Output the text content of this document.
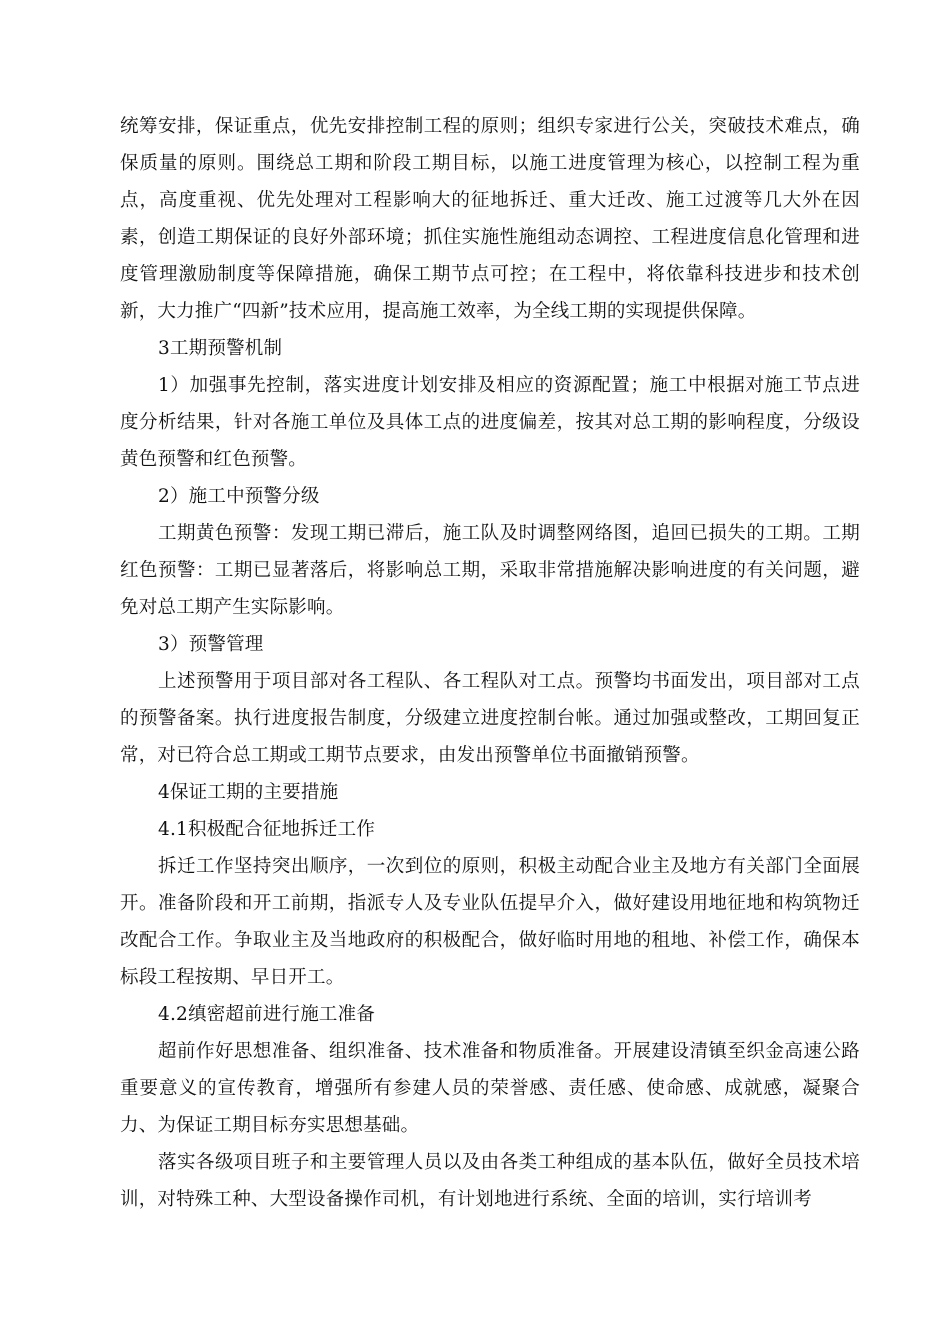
统筹安排，保证重点，优先安排控制工程的原则；组织专家进行公关，突破技术难点，确保质量的原则。围绕总工期和阶段工期目标，以施工进度管理为核心，以控制工程为重点，高度重视、优先处理对工程影响大的征地拆迁、重大迁改、施工过渡等几大外在因素，创造工期保证的良好外部环境；抓住实施性施组动态调控、工程进度信息化管理和进度管理激励制度等保障措施，确保工期节点可控；在工程中，将依靠科技进步和技术创新，大力推广“四新”技术应用，提高施工效率，为全线工期的实现提供保障。

3工期预警机制

1）加强事先控制，落实进度计划安排及相应的资源配置；施工中根据对施工节点进度分析结果，针对各施工单位及具体工点的进度偏差，按其对总工期的影响程度，分级设黄色预警和红色预警。

2）施工中预警分级

工期黄色预警：发现工期已滞后，施工队及时调整网络图，追回已损失的工期。工期红色预警：工期已显著落后，将影响总工期，采取非常措施解决影响进度的有关问题，避免对总工期产生实际影响。

3）预警管理

上述预警用于项目部对各工程队、各工程队对工点。预警均书面发出，项目部对工点的预警备案。执行进度报告制度，分级建立进度控制台帐。通过加强或整改，工期回复正常，对已符合总工期或工期节点要求，由发出预警单位书面撤销预警。

4保证工期的主要措施

4.1积极配合征地拆迁工作

拆迁工作坚持突出顺序，一次到位的原则，积极主动配合业主及地方有关部门全面展开。准备阶段和开工前期，指派专人及专业队伍提早介入，做好建设用地征地和构筑物迁改配合工作。争取业主及当地政府的积极配合，做好临时用地的租地、补偿工作，确保本标段工程按期、早日开工。

4.2缜密超前进行施工准备

超前作好思想准备、组织准备、技术准备和物质准备。开展建设清镇至织金高速公路重要意义的宣传教育，增强所有参建人员的荣誉感、责任感、使命感、成就感，凝聚合力、为保证工期目标夯实思想基础。

落实各级项目班子和主要管理人员以及由各类工种组成的基本队伍，做好全员技术培训，对特殊工种、大型设备操作司机，有计划地进行系统、全面的培训，实行培训考
